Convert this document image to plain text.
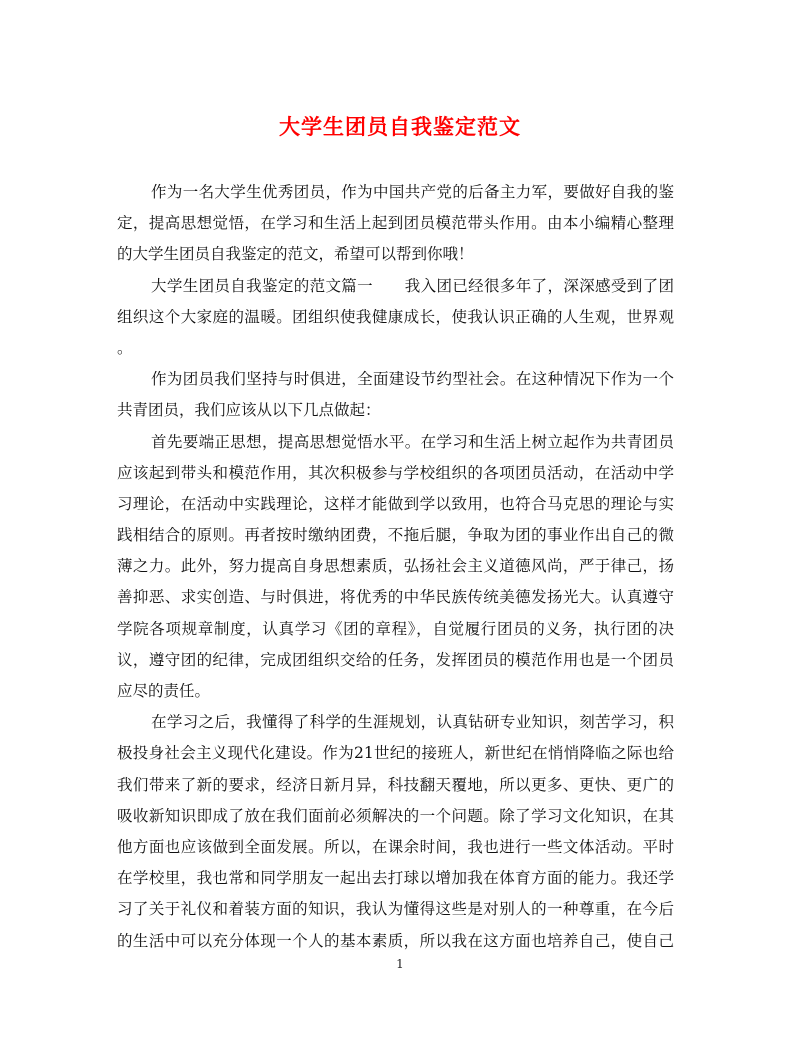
大学生团员自我鉴定范文
作为一名大学生优秀团员，作为中国共产党的后备主力军，要做好自我的鉴
定，提高思想觉悟，在学习和生活上起到团员模范带头作用。由本小编精心整理
的大学生团员自我鉴定的范文，希望可以帮到你哦！
大学生团员自我鉴定的范文篇一　　我入团已经很多年了，深深感受到了团
组织这个大家庭的温暖。团组织使我健康成长，使我认识正确的人生观，世界观
。
作为团员我们坚持与时俱进，全面建设节约型社会。在这种情况下作为一个
共青团员，我们应该从以下几点做起：
首先要端正思想，提高思想觉悟水平。在学习和生活上树立起作为共青团员
应该起到带头和模范作用，其次积极参与学校组织的各项团员活动，在活动中学
习理论，在活动中实践理论，这样才能做到学以致用，也符合马克思的理论与实
践相结合的原则。再者按时缴纳团费，不拖后腿，争取为团的事业作出自己的微
薄之力。此外，努力提高自身思想素质，弘扬社会主义道德风尚，严于律己，扬
善抑恶、求实创造、与时俱进，将优秀的中华民族传统美德发扬光大。认真遵守
学院各项规章制度，认真学习《团的章程》，自觉履行团员的义务，执行团的决
议，遵守团的纪律，完成团组织交给的任务，发挥团员的模范作用也是一个团员
应尽的责任。
在学习之后，我懂得了科学的生涯规划，认真钻研专业知识，刻苦学习，积
极投身社会主义现代化建设。作为21世纪的接班人，新世纪在悄悄降临之际也给
我们带来了新的要求，经济日新月异，科技翻天覆地，所以更多、更快、更广的
吸收新知识即成了放在我们面前必须解决的一个问题。除了学习文化知识，在其
他方面也应该做到全面发展。所以，在课余时间，我也进行一些文体活动。平时
在学校里，我也常和同学朋友一起出去打球以增加我在体育方面的能力。我还学
习了关于礼仪和着装方面的知识，我认为懂得这些是对别人的一种尊重，在今后
的生活中可以充分体现一个人的基本素质，所以我在这方面也培养自己，使自己
1
